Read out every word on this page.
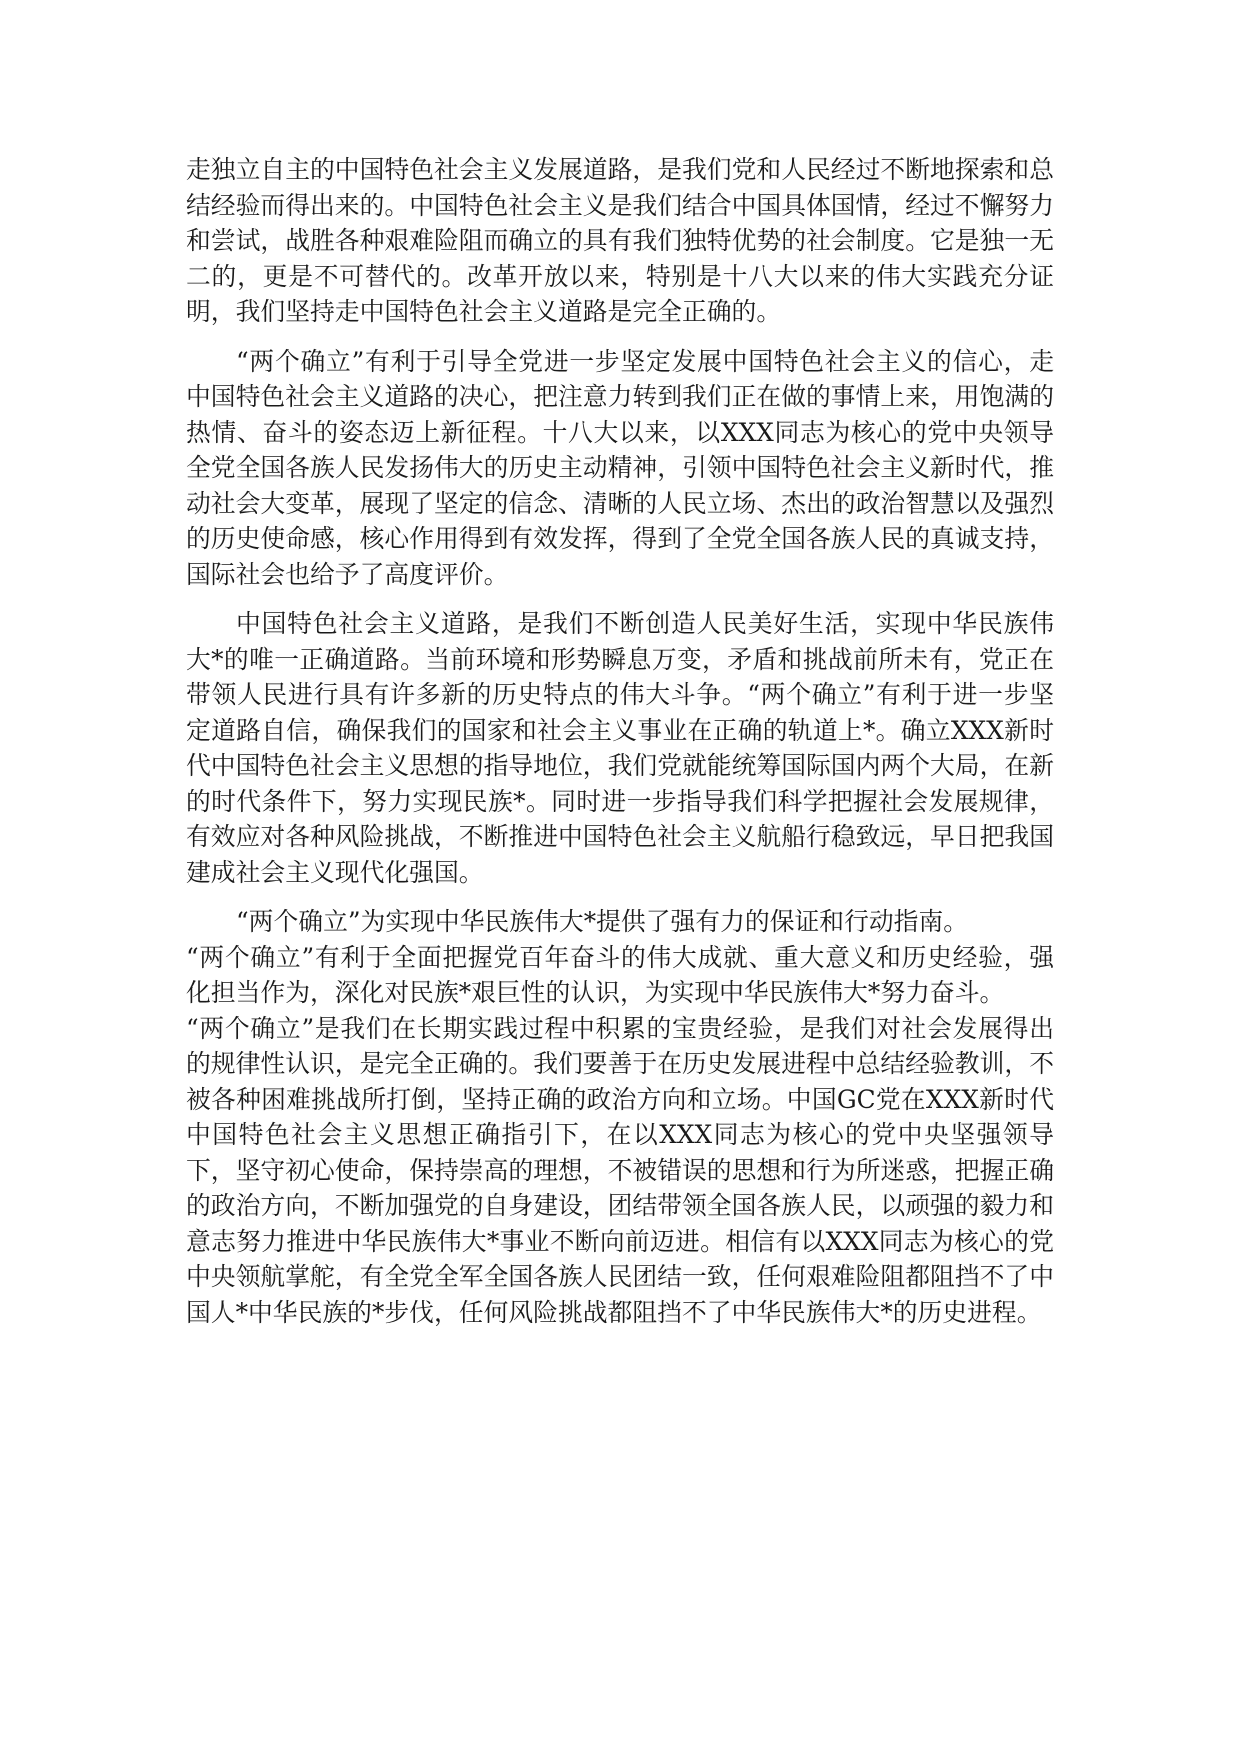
走独立自主的中国特色社会主义发展道路，是我们党和人民经过不断地探索和总结经验而得出来的。中国特色社会主义是我们结合中国具体国情，经过不懈努力和尝试，战胜各种艰难险阻而确立的具有我们独特优势的社会制度。它是独一无二的，更是不可替代的。改革开放以来，特别是十八大以来的伟大实践充分证明，我们坚持走中国特色社会主义道路是完全正确的。

“两个确立”有利于引导全党进一步坚定发展中国特色社会主义的信心，走中国特色社会主义道路的决心，把注意力转到我们正在做的事情上来，用饱满的热情、奋斗的姿态迈上新征程。十八大以来，以XXX同志为核心的党中央领导全党全国各族人民发扬伟大的历史主动精神，引领中国特色社会主义新时代，推动社会大变革，展现了坚定的信念、清晰的人民立场、杰出的政治智慧以及强烈的历史使命感，核心作用得到有效发挥，得到了全党全国各族人民的真诚支持，国际社会也给予了高度评价。

中国特色社会主义道路，是我们不断创造人民美好生活，实现中华民族伟大*的唯一正确道路。当前环境和形势瞬息万变，矛盾和挑战前所未有，党正在带领人民进行具有许多新的历史特点的伟大斗争。“两个确立”有利于进一步坚定道路自信，确保我们的国家和社会主义事业在正确的轨道上*。确立XXX新时代中国特色社会主义思想的指导地位，我们党就能统筹国际国内两个大局，在新的时代条件下，努力实现民族*。同时进一步指导我们科学把握社会发展规律，有效应对各种风险挑战，不断推进中国特色社会主义航船行稳致远，早日把我国建成社会主义现代化强国。

“两个确立”为实现中华民族伟大*提供了强有力的保证和行动指南。

“两个确立”有利于全面把握党百年奋斗的伟大成就、重大意义和历史经验，强化担当作为，深化对民族*艰巨性的认识，为实现中华民族伟大*努力奋斗。

“两个确立”是我们在长期实践过程中积累的宝贵经验，是我们对社会发展得出的规律性认识，是完全正确的。我们要善于在历史发展进程中总结经验教训，不被各种困难挑战所打倒，坚持正确的政治方向和立场。中国GC党在XXX新时代中国特色社会主义思想正确指引下，在以XXX同志为核心的党中央坚强领导下，坚守初心使命，保持崇高的理想，不被错误的思想和行为所迷惑，把握正确的政治方向，不断加强党的自身建设，团结带领全国各族人民，以顽强的毅力和意志努力推进中华民族伟大*事业不断向前迈进。相信有以XXX同志为核心的党中央领航掌舵，有全党全军全国各族人民团结一致，任何艰难险阻都阻挡不了中国人*中华民族的*步伐，任何风险挑战都阻挡不了中华民族伟大*的历史进程。
